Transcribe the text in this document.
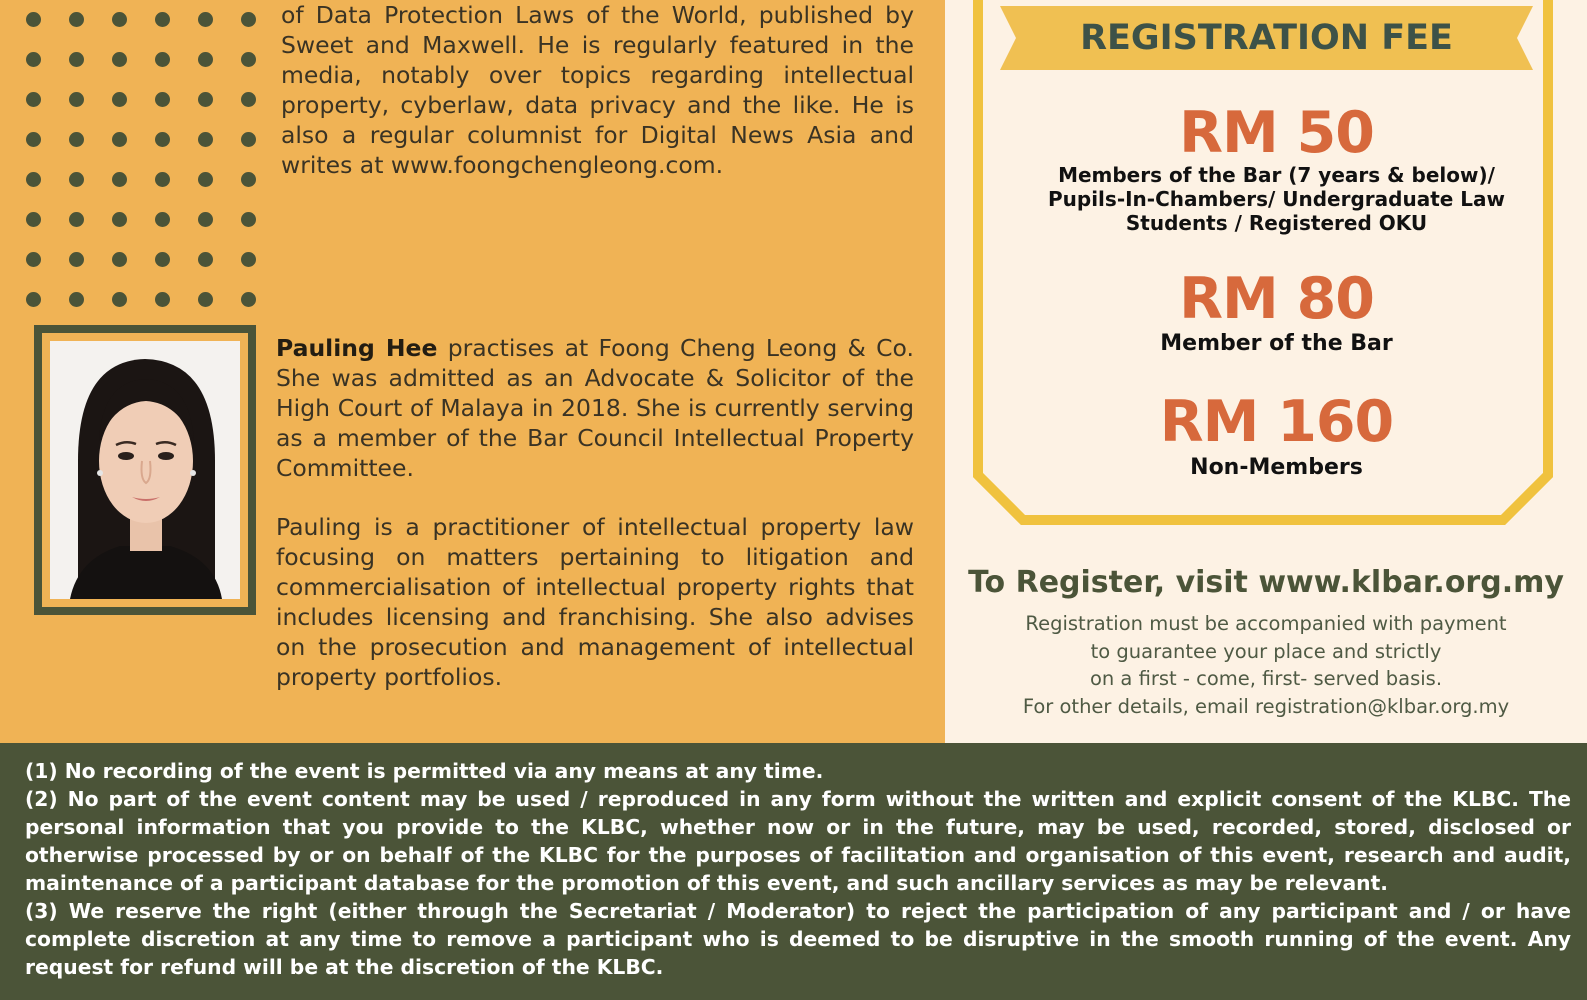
of Data Protection Laws of the World, published by Sweet and Maxwell. He is regularly featured in the media, notably over topics regarding intellectual property, cyberlaw, data privacy and the like. He is also a regular columnist for Digital News Asia and writes at www.foongchengleong.com.

Pauling Hee practises at Foong Cheng Leong & Co. She was admitted as an Advocate & Solicitor of the High Court of Malaya in 2018. She is currently serving as a member of the Bar Council Intellectual Property Committee.

Pauling is a practitioner of intellectual property law focusing on matters pertaining to litigation and commercialisation of intellectual property rights that includes licensing and franchising. She also advises on the prosecution and management of intellectual property portfolios.

REGISTRATION FEE
RM 50
Members of the Bar (7 years & below)/ Pupils-In-Chambers/ Undergraduate Law Students / Registered OKU
RM 80
Member of the Bar
RM 160
Non-Members

To Register, visit www.klbar.org.my

Registration must be accompanied with payment
to guarantee your place and strictly
on a first - come, first- served basis.
For other details, email registration@klbar.org.my

(1) No recording of the event is permitted via any means at any time.

(2) No part of the event content may be used / reproduced in any form without the written and explicit consent of the KLBC. The personal information that you provide to the KLBC, whether now or in the future, may be used, recorded, stored, disclosed or otherwise processed by or on behalf of the KLBC for the purposes of facilitation and organisation of this event, research and audit, maintenance of a participant database for the promotion of this event, and such ancillary services as may be relevant.

(3) We reserve the right (either through the Secretariat / Moderator) to reject the participation of any participant and / or have complete discretion at any time to remove a participant who is deemed to be disruptive in the smooth running of the event. Any request for refund will be at the discretion of the KLBC.
